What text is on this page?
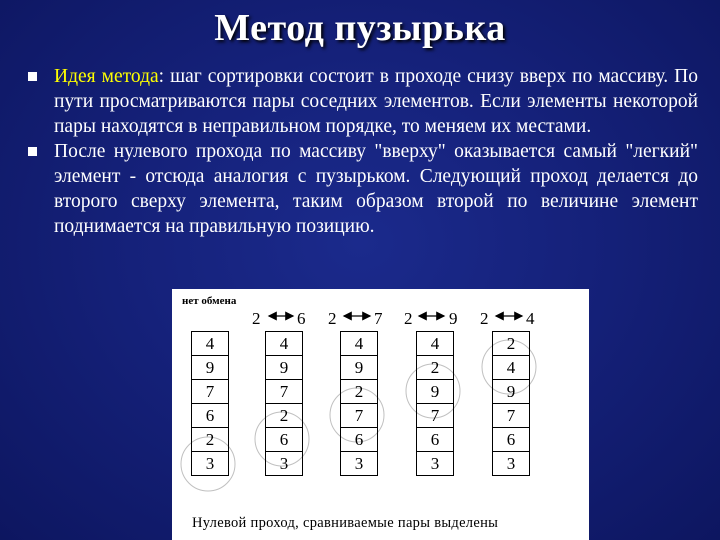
Метод пузырька
Идея метода: шаг сортировки состоит в проходе снизу вверх по массиву. По пути просматриваются пары соседних элементов. Если элементы некоторой пары находятся в неправильном порядке, то меняем их местами.
После нулевого прохода по массиву "вверху" оказывается самый "легкий" элемент - отсюда аналогия с пузырьком. Следующий проход делается до второго сверху элемента, таким образом второй по величине элемент поднимается на правильную позицию.
нет обмена
2 6 2 7 2 9 2 4
4
9
7
6
2
3
4
9
7
2
6
3
4
9
2
7
6
3
4
2
9
7
6
3
2
4
9
7
6
3
Нулевой проход, сравниваемые пары выделены
